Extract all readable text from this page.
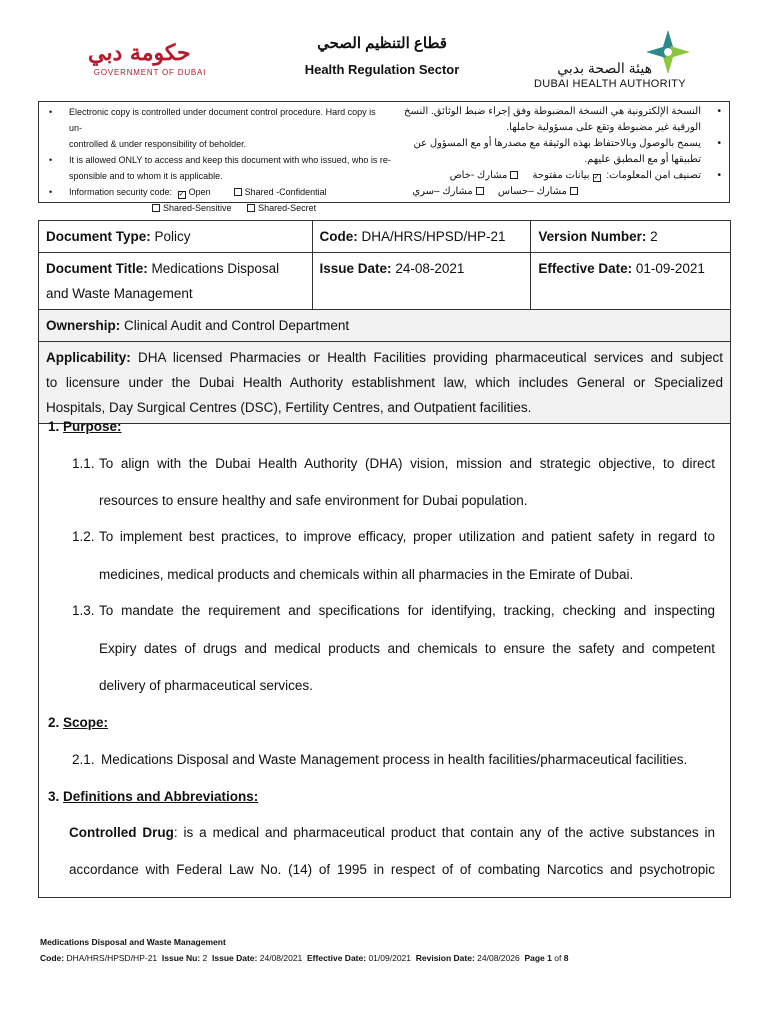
حكومة دبي
GOVERNMENT OF DUBAI
قطاع التنظيم الصحي
Health Regulation Sector	هيئة الصحة بدبي
DUBAI HEALTH AUTHORITY
• Electronic copy is controlled under document control procedure. Hard copy is un-
controlled & under responsibility of beholder.
• It is allowed ONLY to access and keep this document with who issued, who is re-
sponsible and to whom it is applicable.
• Information security code: ✓ Open	Shared -Confidential
Shared-Sensitive	Shared-Secret
•
النسخة الإلكترونية هي النسخة المضبوطة وفق إجراء ضبط الوثائق. النسخ
الورقية غير مضبوطة وتقع على مسؤولية حاملها.
•
يسمح بالوصول وبالاحتفاظ بهذه الوثيقة مع مصدرها أو مع المسؤول عن
تطبيقها أو مع المطبق عليهم.
•
تصنيف امن المعلومات: ✓بيانات مفتوحة    مشارك -خاص
مشارك –حساس    مشارك –سري
Document Type: Policy	Code: DHA/HRS/HPSD/HP-21	Version Number: 2
Document Title: Medications Disposal
and Waste Management	Issue Date: 24-08-2021	Effective Date: 01-09-2021
Ownership: Clinical Audit and Control Department		

Applicability: DHA licensed Pharmacies or Health Facilities providing pharmaceutical services and subject
to licensure under the Dubai Health Authority establishment law, which includes General or Specialized
Hospitals, Day Surgical Centres (DSC), Fertility Centres, and Outpatient facilities.		
1. Purpose:
1.1. To align with the Dubai Health Authority (DHA) vision, mission and strategic objective, to direct
resources to ensure healthy and safe environment for Dubai population.
1.2. To implement best practices, to improve efficacy, proper utilization and patient safety in regard to
medicines, medical products and chemicals within all pharmacies in the Emirate of Dubai.
1.3. To mandate the requirement and specifications for identifying, tracking, checking and inspecting
Expiry dates of drugs and medical products and chemicals to ensure the safety and competent
delivery of pharmaceutical services.
2. Scope:
2.1. Medications Disposal and Waste Management process in health facilities/pharmaceutical facilities.
3. Definitions and Abbreviations:
Controlled Drug: is a medical and pharmaceutical product that contain any of the active substances in
accordance with Federal Law No. (14) of 1995 in respect of of combating Narcotics and psychotropic
Medications Disposal and Waste Management
Code: DHA/HRS/HPSD/HP-21 Issue Nu: 2 Issue Date: 24/08/2021 Effective Date: 01/09/2021 Revision Date: 24/08/2026 Page 1 of 8
